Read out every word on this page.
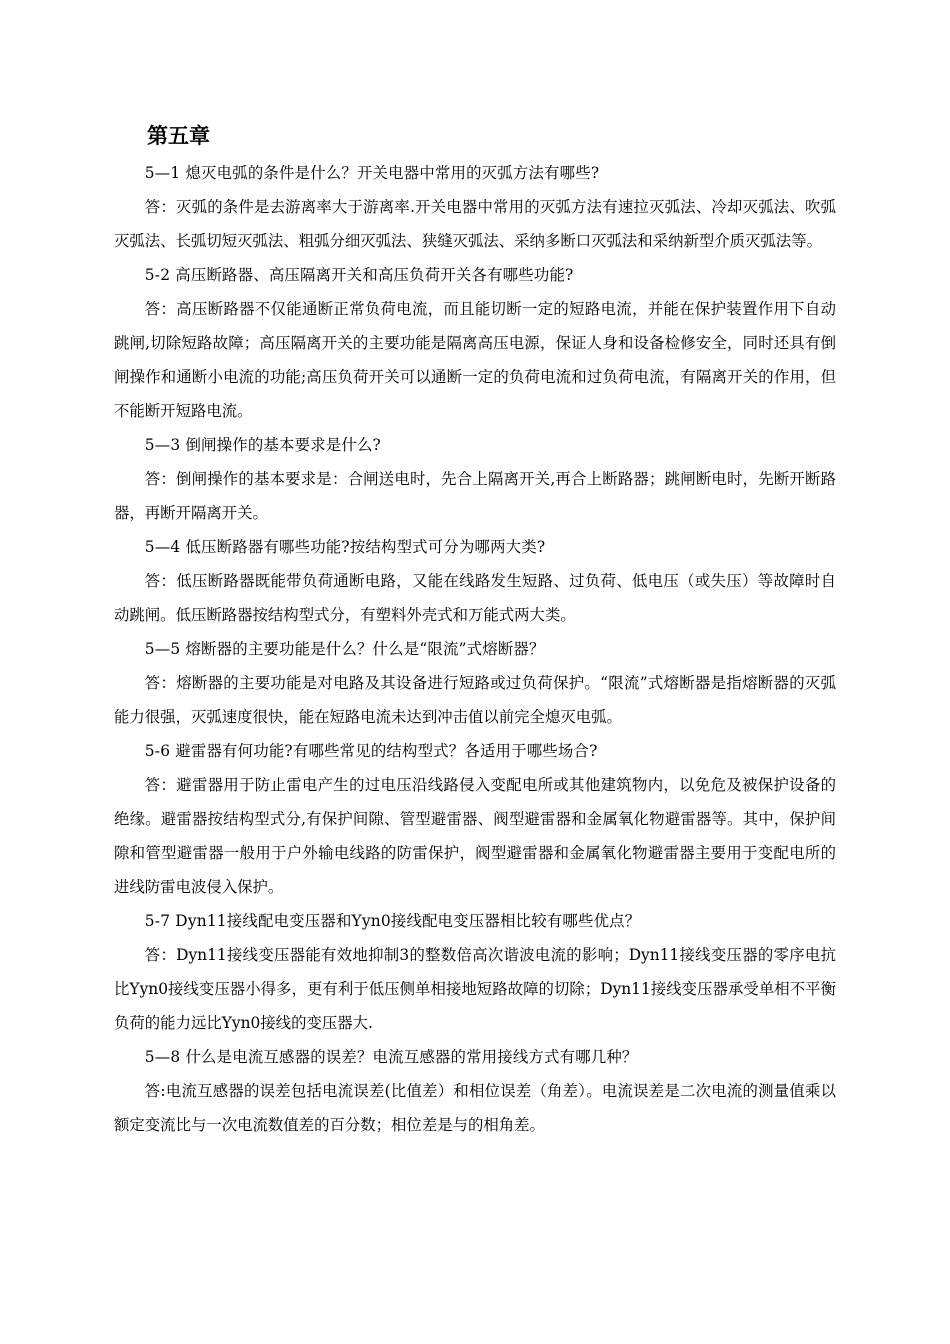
第五章

5—1 熄灭电弧的条件是什么？开关电器中常用的灭弧方法有哪些?

答：灭弧的条件是去游离率大于游离率.开关电器中常用的灭弧方法有速拉灭弧法、冷却灭弧法、吹弧灭弧法、长弧切短灭弧法、粗弧分细灭弧法、狭缝灭弧法、采纳多断口灭弧法和采纳新型介质灭弧法等。

5-2 高压断路器、高压隔离开关和高压负荷开关各有哪些功能?

答：高压断路器不仅能通断正常负荷电流，而且能切断一定的短路电流，并能在保护装置作用下自动跳闸,切除短路故障；高压隔离开关的主要功能是隔离高压电源，保证人身和设备检修安全，同时还具有倒闸操作和通断小电流的功能;高压负荷开关可以通断一定的负荷电流和过负荷电流，有隔离开关的作用，但不能断开短路电流。

5—3 倒闸操作的基本要求是什么?

答：倒闸操作的基本要求是：合闸送电时，先合上隔离开关,再合上断路器；跳闸断电时，先断开断路器，再断开隔离开关。

5—4 低压断路器有哪些功能?按结构型式可分为哪两大类?

答：低压断路器既能带负荷通断电路，又能在线路发生短路、过负荷、低电压（或失压）等故障时自动跳闸。低压断路器按结构型式分，有塑料外壳式和万能式两大类。

5—5 熔断器的主要功能是什么？什么是“限流”式熔断器？

答：熔断器的主要功能是对电路及其设备进行短路或过负荷保护。“限流”式熔断器是指熔断器的灭弧能力很强，灭弧速度很快，能在短路电流未达到冲击值以前完全熄灭电弧。

5-6 避雷器有何功能?有哪些常见的结构型式？各适用于哪些场合?

答：避雷器用于防止雷电产生的过电压沿线路侵入变配电所或其他建筑物内，以免危及被保护设备的绝缘。避雷器按结构型式分,有保护间隙、管型避雷器、阀型避雷器和金属氧化物避雷器等。其中，保护间隙和管型避雷器一般用于户外输电线路的防雷保护，阀型避雷器和金属氧化物避雷器主要用于变配电所的进线防雷电波侵入保护。

5-7 Dyn11接线配电变压器和Yyn0接线配电变压器相比较有哪些优点？

答：Dyn11接线变压器能有效地抑制3的整数倍高次谐波电流的影响；Dyn11接线变压器的零序电抗比Yyn0接线变压器小得多，更有利于低压侧单相接地短路故障的切除；Dyn11接线变压器承受单相不平衡负荷的能力远比Yyn0接线的变压器大.

5—8 什么是电流互感器的误差？电流互感器的常用接线方式有哪几种？

答:电流互感器的误差包括电流误差(比值差）和相位误差（角差）。电流误差是二次电流的测量值乘以额定变流比与一次电流数值差的百分数；相位差是与的相角差。
